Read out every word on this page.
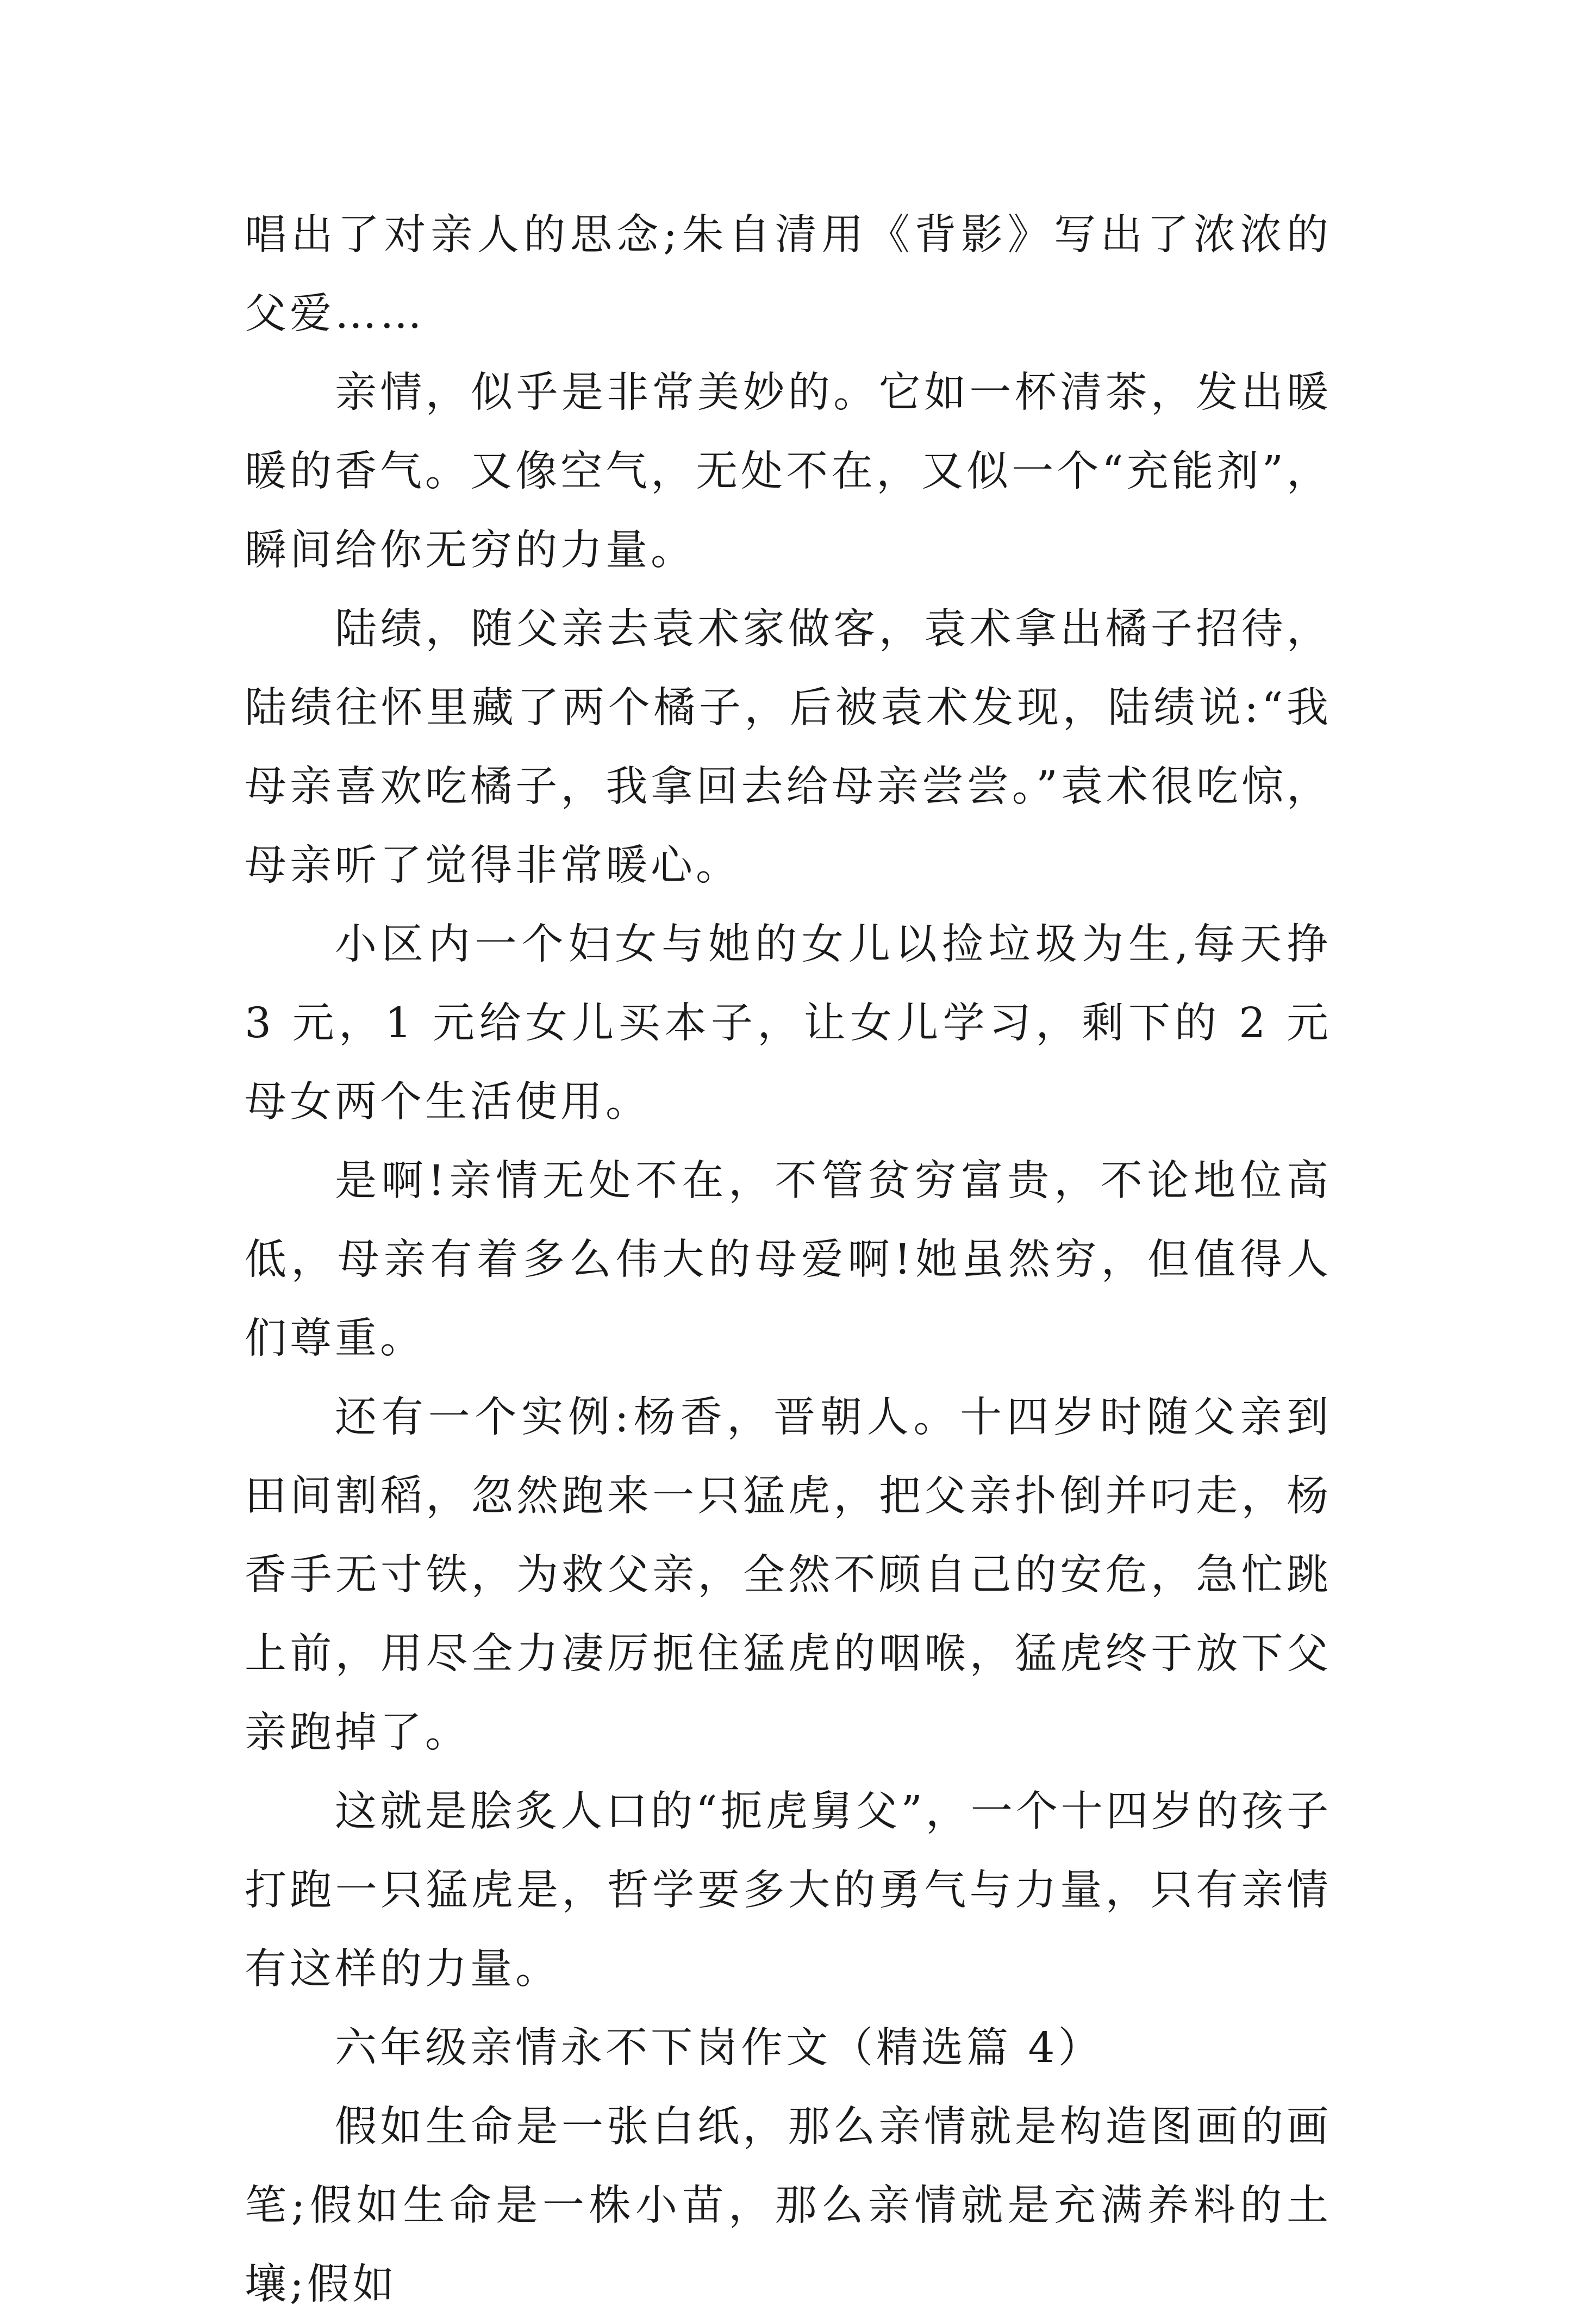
唱出了对亲人的思念;朱自清用《背影》写出了浓浓的父爱……

亲情，似乎是非常美妙的。它如一杯清茶，发出暖暖的香气。又像空气，无处不在，又似一个“充能剂”，瞬间给你无穷的力量。

陆绩，随父亲去袁术家做客，袁术拿出橘子招待，陆绩往怀里藏了两个橘子，后被袁术发现，陆绩说:“我母亲喜欢吃橘子，我拿回去给母亲尝尝。”袁术很吃惊，母亲听了觉得非常暖心。

小区内一个妇女与她的女儿以捡垃圾为生,每天挣 3 元，1 元给女儿买本子，让女儿学习，剩下的 2 元母女两个生活使用。

是啊!亲情无处不在，不管贫穷富贵，不论地位高低，母亲有着多么伟大的母爱啊!她虽然穷，但值得人们尊重。

还有一个实例:杨香，晋朝人。十四岁时随父亲到田间割稻，忽然跑来一只猛虎，把父亲扑倒并叼走，杨香手无寸铁，为救父亲，全然不顾自己的安危，急忙跳上前，用尽全力凄厉扼住猛虎的咽喉，猛虎终于放下父亲跑掉了。

这就是脍炙人口的“扼虎舅父”，一个十四岁的孩子打跑一只猛虎是，哲学要多大的勇气与力量，只有亲情有这样的力量。

六年级亲情永不下岗作文（精选篇 4）

假如生命是一张白纸，那么亲情就是构造图画的画笔;假如生命是一株小苗，那么亲情就是充满养料的土壤;假如
